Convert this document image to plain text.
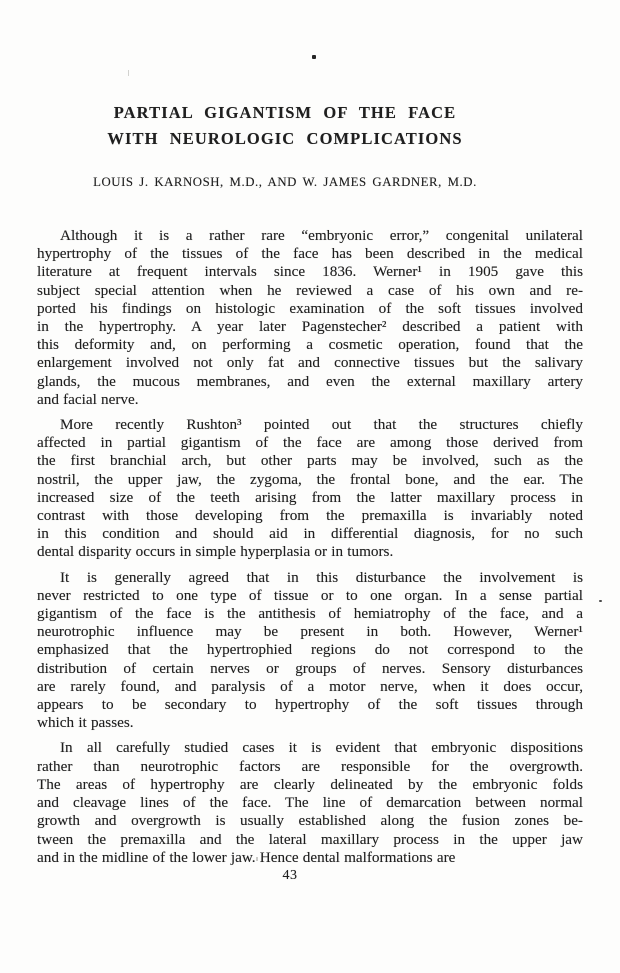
PARTIAL GIGANTISM OF THE FACE
WITH NEUROLOGIC COMPLICATIONS
LOUIS J. KARNOSH, M.D., AND W. JAMES GARDNER, M.D.
Although it is a rather rare “embryonic error,” congenital unilateral
hypertrophy of the tissues of the face has been described in the medical
literature at frequent intervals since 1836. Werner¹ in 1905 gave this
subject special attention when he reviewed a case of his own and re-
ported his findings on histologic examination of the soft tissues involved
in the hypertrophy. A year later Pagenstecher² described a patient with
this deformity and, on performing a cosmetic operation, found that the
enlargement involved not only fat and connective tissues but the salivary
glands, the mucous membranes, and even the external maxillary artery
and facial nerve.
More recently Rushton³ pointed out that the structures chiefly
affected in partial gigantism of the face are among those derived from
the first branchial arch, but other parts may be involved, such as the
nostril, the upper jaw, the zygoma, the frontal bone, and the ear. The
increased size of the teeth arising from the latter maxillary process in
contrast with those developing from the premaxilla is invariably noted
in this condition and should aid in differential diagnosis, for no such
dental disparity occurs in simple hyperplasia or in tumors.
It is generally agreed that in this disturbance the involvement is
never restricted to one type of tissue or to one organ. In a sense partial
gigantism of the face is the antithesis of hemiatrophy of the face, and a
neurotrophic influence may be present in both. However, Werner¹
emphasized that the hypertrophied regions do not correspond to the
distribution of certain nerves or groups of nerves. Sensory disturbances
are rarely found, and paralysis of a motor nerve, when it does occur,
appears to be secondary to hypertrophy of the soft tissues through
which it passes.
In all carefully studied cases it is evident that embryonic dispositions
rather than neurotrophic factors are responsible for the overgrowth.
The areas of hypertrophy are clearly delineated by the embryonic folds
and cleavage lines of the face. The line of demarcation between normal
growth and overgrowth is usually established along the fusion zones be-
tween the premaxilla and the lateral maxillary process in the upper jaw
and in the midline of the lower jaw. Hence dental malformations are
43
